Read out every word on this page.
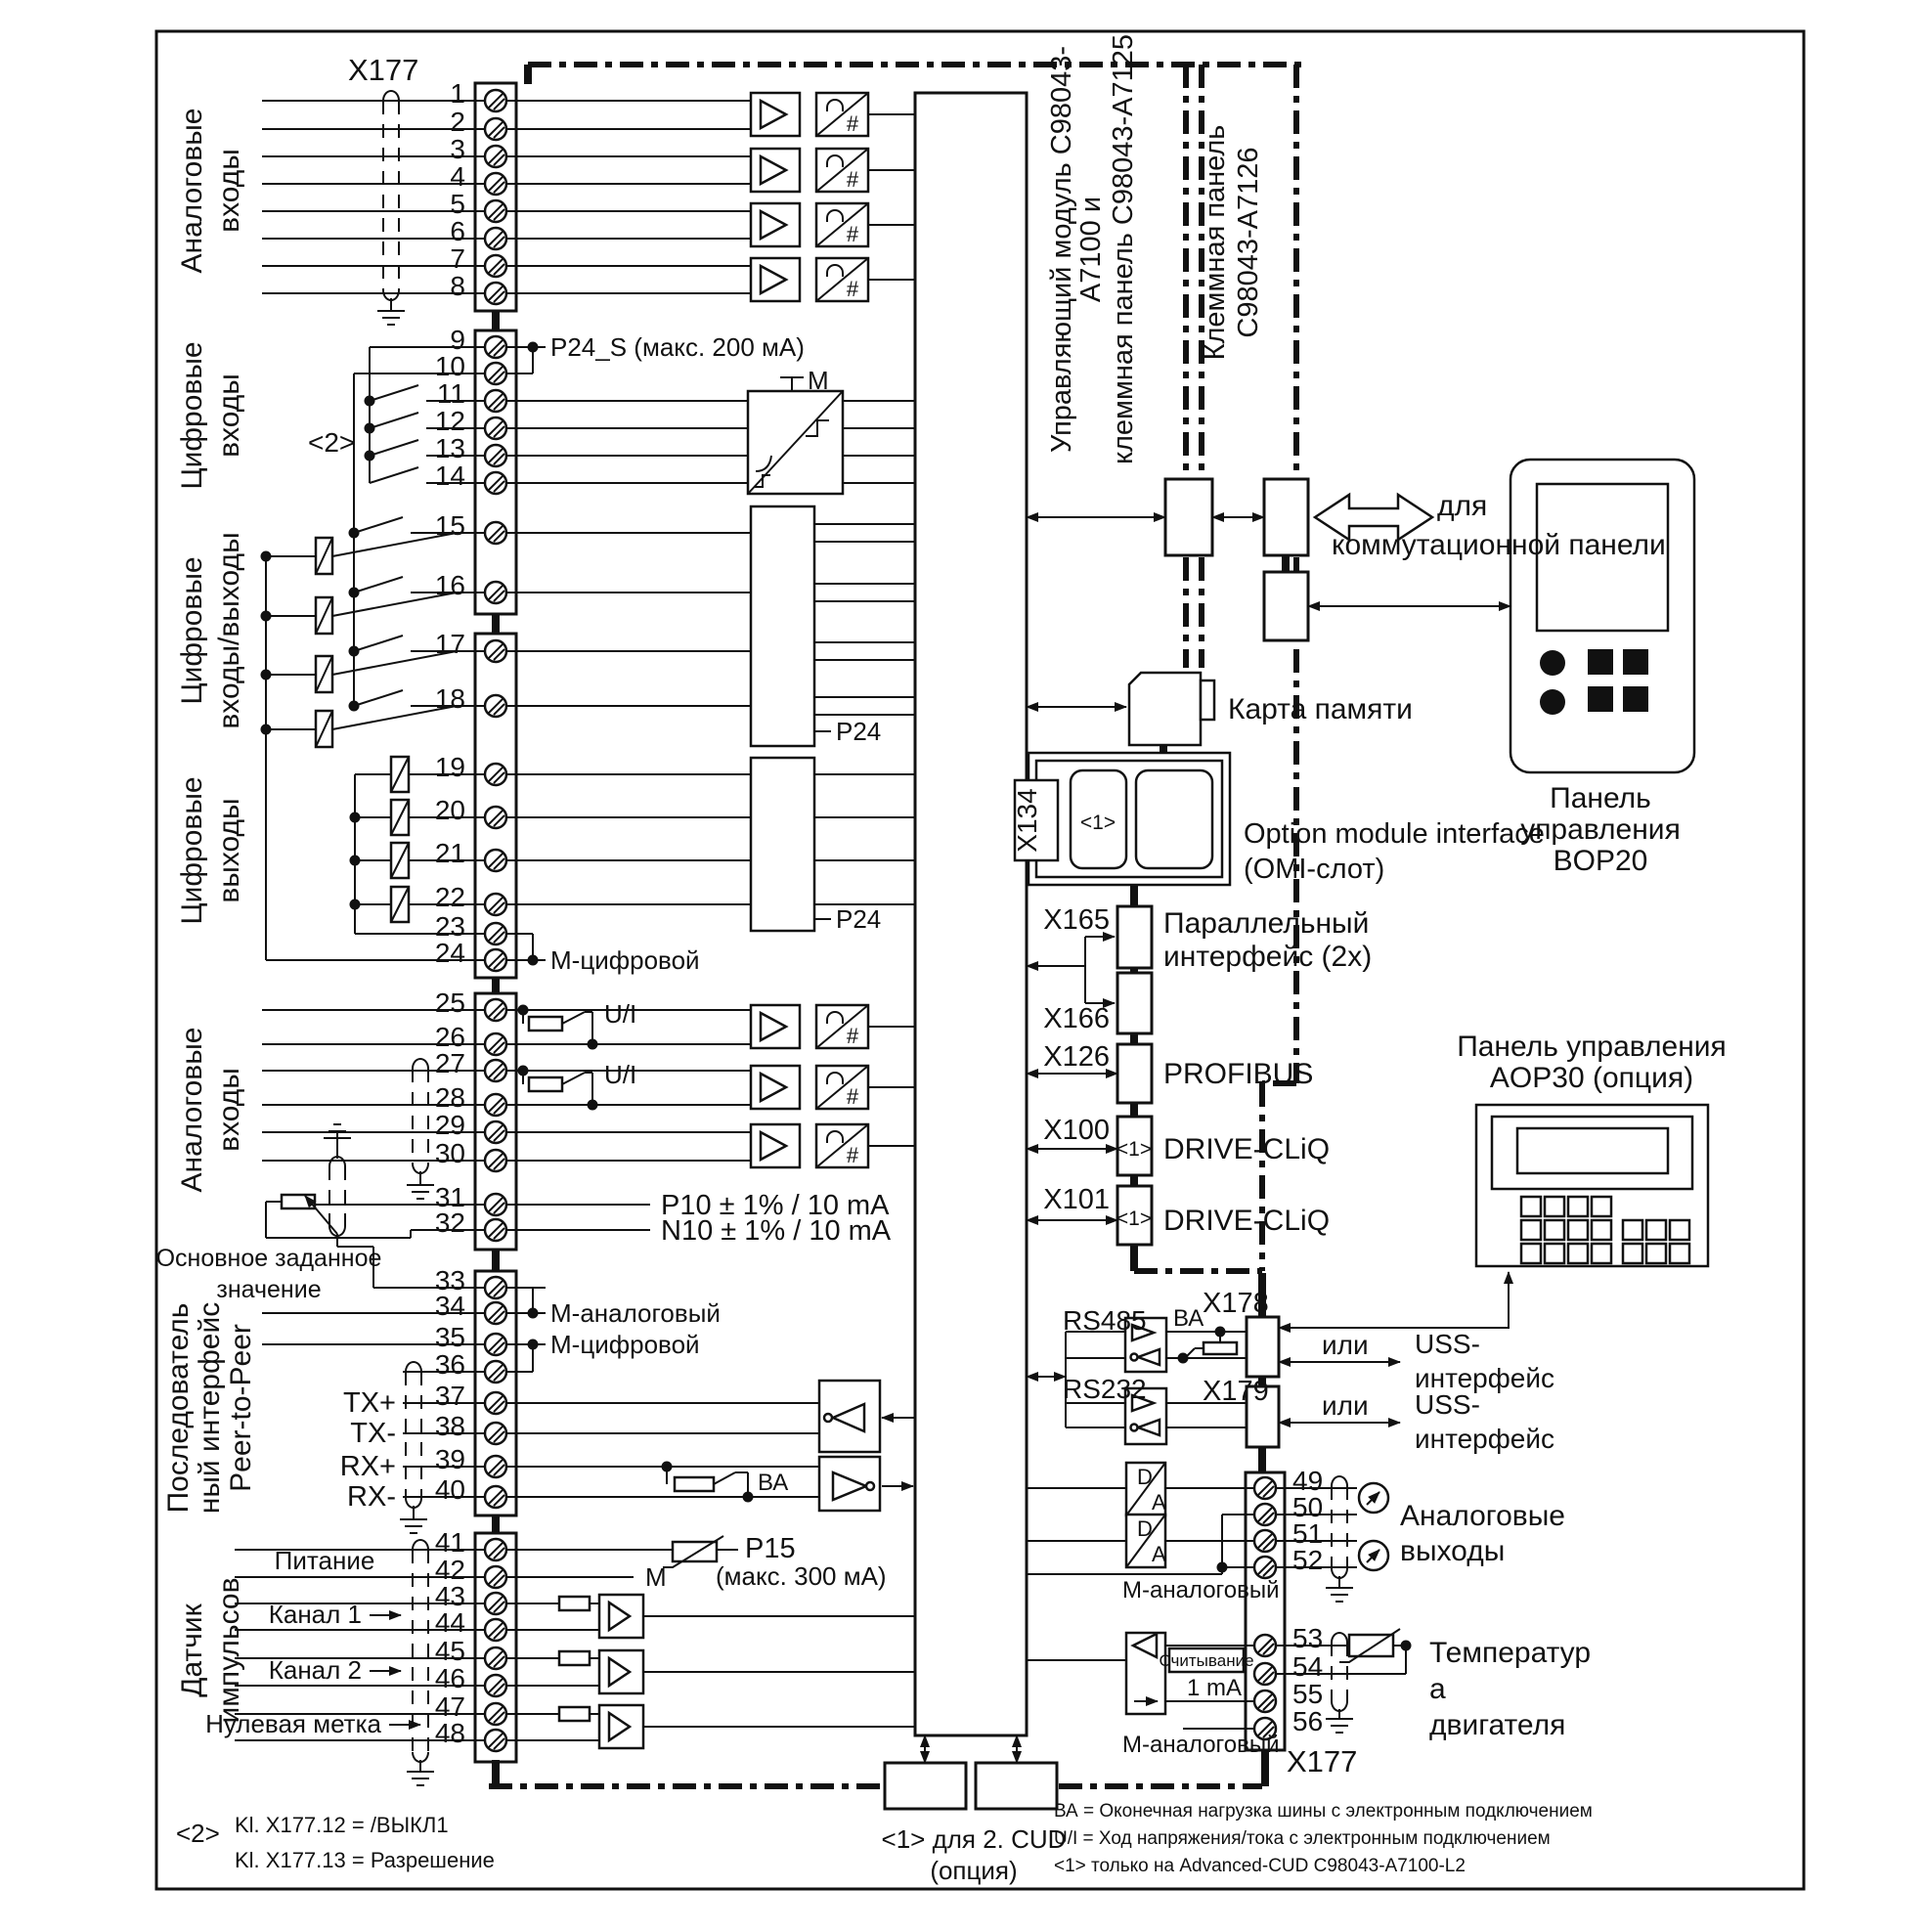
#
#
#
#
#
#
#
X177
P24_S (макс. 200 мА)
<2>
M
P24
P24
М-цифровой
U/I
U/I
P10 ± 1% / 10 mA
N10 ± 1% / 10 mA
Основное заданное
значение
М-аналоговый
М-цифровой
TX+
TX-
RX+
RX-	ВА
Питание
Канал 1
Канал 2
Нулевая метка
P15
(макс. 300 мА)
M
Управляющий модуль C98043-
A7100 и клеммная панель C98043-A7125 Клеммная панель C98043-A7126
X134
для
коммутационной панели
Карта памяти
Панель
управления
BOP20
<1>	Option module interface
(OMI-слот)
X165
X166
Параллельный
интерфейс (2x)
X126
PROFIBUS
X100
<1> DRIVE-CLiQ
X101
<1> DRIVE-CLiQ
Панель управления
AOP30 (опция)
RS485 ВА
X178
RS232 X179
или USS-
интерфейс
или USS-
интерфейс
D
A
D
A
М-аналоговый
Аналоговые
выходы
Считывание
1 mA
Температур
а
двигателя
М-аналоговый X177
<2> Kl. X177.12 = /ВЫКЛ1
Kl. X177.13 = Разрешение
<1> для 2. CUD
(опция)
ВА = Оконечная нагрузка шины с электронным подключением
U/I = Ход напряжения/тока с электронным подключением
<1> только на Advanced-CUD C98043-A7100-L2
Аналоговые входы
Цифровые входы
Цифровые входы/выходы
Цифровые выходы
Аналоговые входы
Последователь ный интерфейс Peer-to-Peer
Датчик импульсов
1
2
3
4
5
6
7
8
9
10
11
12
13
14
15
16
17
18
19
20
21
22
23
24
25
26
27
28
29
30
31
32
33
34
35
36
37
38
39
40
41
42
43
44
45
46
47
48
49
50
51
52
53
54
55
56
